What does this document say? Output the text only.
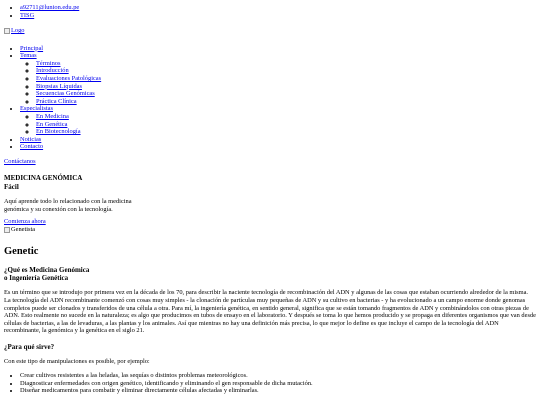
• a92711@lunion.edu.pe
• TISG
Logo
• Principal
• Temas
◦ Términos
◦ Introducción
◦ Evaluaciones Patológicas
◦ Biopsias Líquidas
◦ Secuencias Genómicas
◦ Práctica Clínica
• Especialistas
◦ En Medicina
◦ En Genética
◦ En Biotecnología
• Noticias
• Contacto
Contáctanos
MEDICINA GENÓMICA
Fácil

Aquí aprende todo lo relacionado con la medicina genómica y su conexión con la tecnología.

Comienza ahora
Genetista
Genetic
¿Qué es Medicina Genómica
o Ingeniería Genética

Es un término que se introdujo por primera vez en la década de los 70, para describir la naciente tecnología de recombinación del ADN y algunas de las cosas que estaban ocurriendo alrededor de la misma. La tecnología del ADN recombinante comenzó con cosas muy simples - la clonación de partículas muy pequeñas de ADN y su cultivo en bacterias - y ha evolucionado a un campo enorme donde genomas completos puede ser clonados y transferidos de una célula a otra. Para mí, la ingeniería genética, en sentido general, significa que se están tomando fragmentos de ADN y combinándolos con otras piezas de ADN. Esto realmente no sucede en la naturaleza; es algo que producimos en tubos de ensayo en el laboratorio. Y después se toma lo que hemos producido y se propaga en diferentes organismos que van desde células de bacterias, a las de levaduras, a las plantas y los animales. Así que mientras no hay una definición más precisa, lo que mejor lo define es que incluye el campo de la tecnología del ADN recombinante, la genómica y la genética en el siglo 21.

¿Para qué sirve?

Con este tipo de manipulaciones es posible, por ejemplo:

• Crear cultivos resistentes a las heladas, las sequías o distintos problemas meteorológicos.
• Diagnosticar enfermedades con origen genético, identificando y eliminando el gen responsable de dicha mutación.
• Diseñar medicamentos para combatir y eliminar directamente células afectadas y eliminarlas.
